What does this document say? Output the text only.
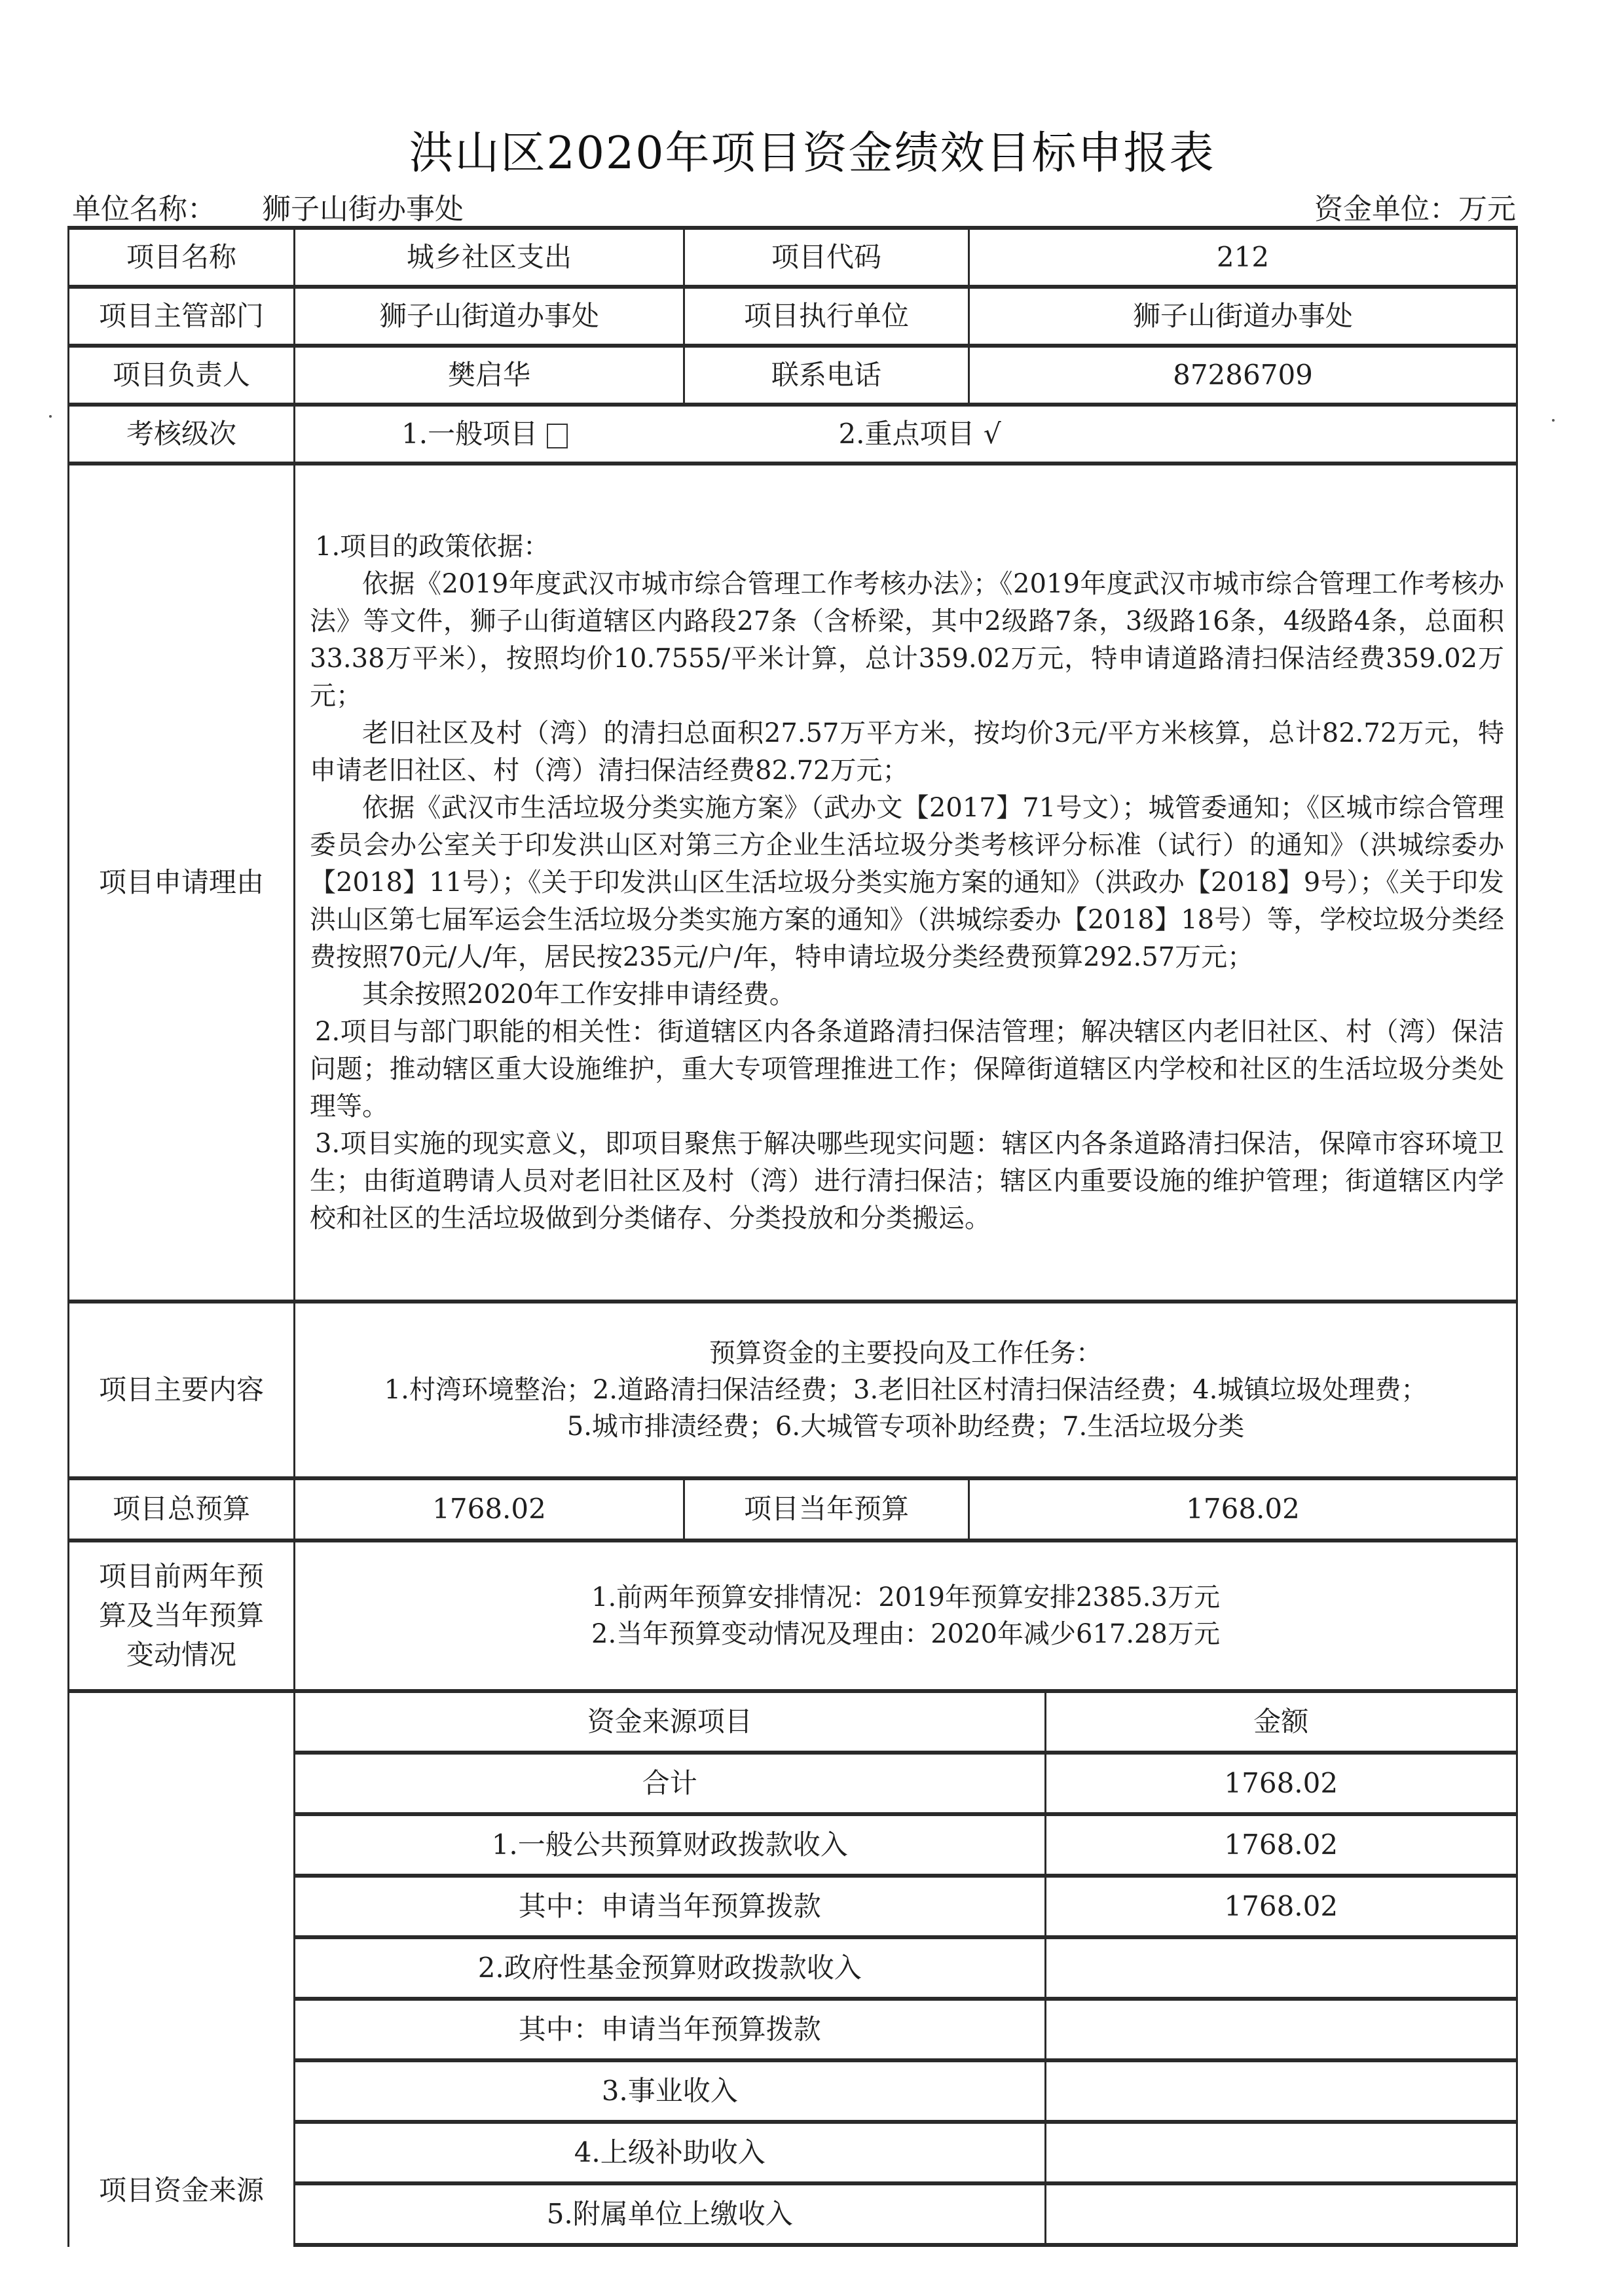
洪山区2020年项目资金绩效目标申报表
单位名称： 狮子山街办事处	资金单位：万元
项目名称	城乡社区支出	项目代码	212
项目主管部门	狮子山街道办事处	项目执行单位	狮子山街道办事处
项目负责人	樊启华	联系电话	87286709
考核级次	1.一般项目	2.重点项目 √
项目申请理由	

1.项目的政策依据：

依据《2019年度武汉市城市综合管理工作考核办法》；《2019年度武汉市城市综合管理工作考核办法》等文件，狮子山街道辖区内路段27条（含桥梁，其中2级路7条，3级路16条，4级路4条，总面积33.38万平米），按照均价10.7555/平米计算，总计359.02万元，特申请道路清扫保洁经费359.02万元；

老旧社区及村（湾）的清扫总面积27.57万平方米，按均价3元/平方米核算，总计82.72万元，特申请老旧社区、村（湾）清扫保洁经费82.72万元；

依据《武汉市生活垃圾分类实施方案》（武办文【2017】71号文）；城管委通知；《区城市综合管理委员会办公室关于印发洪山区对第三方企业生活垃圾分类考核评分标准（试行）的通知》（洪城综委办【2018】11号）；《关于印发洪山区生活垃圾分类实施方案的通知》（洪政办【2018】9号）；《关于印发洪山区第七届军运会生活垃圾分类实施方案的通知》（洪城综委办【2018】18号）等，学校垃圾分类经费按照70元/人/年，居民按235元/户/年，特申请垃圾分类经费预算292.57万元；

其余按照2020年工作安排申请经费。

2.项目与部门职能的相关性：街道辖区内各条道路清扫保洁管理；解决辖区内老旧社区、村（湾）保洁问题；推动辖区重大设施维护，重大专项管理推进工作；保障街道辖区内学校和社区的生活垃圾分类处理等。

3.项目实施的现实意义，即项目聚焦于解决哪些现实问题：辖区内各条道路清扫保洁，保障市容环境卫生；由街道聘请人员对老旧社区及村（湾）进行清扫保洁；辖区内重要设施的维护管理；街道辖区内学校和社区的生活垃圾做到分类储存、分类投放和分类搬运。

项目主要内容	

预算资金的主要投向及工作任务：

1.村湾环境整治；2.道路清扫保洁经费；3.老旧社区村清扫保洁经费；4.城镇垃圾处理费；

5.城市排渍经费；6.大城管专项补助经费；7.生活垃圾分类

项目总预算	1768.02	项目当年预算	1768.02

项目前两年预
算及当年预算
变动情况

1.前两年预算安排情况：2019年预算安排2385.3万元

2.当年预算变动情况及理由：2020年减少617.28万元

项目资金来源	
资金来源项目	金额
合计	1768.02
1.一般公共预算财政拨款收入	1768.02
其中：申请当年预算拨款	1768.02
2.政府性基金预算财政拨款收入	
其中：申请当年预算拨款	
3.事业收入	
4.上级补助收入	
5.附属单位上缴收入	
